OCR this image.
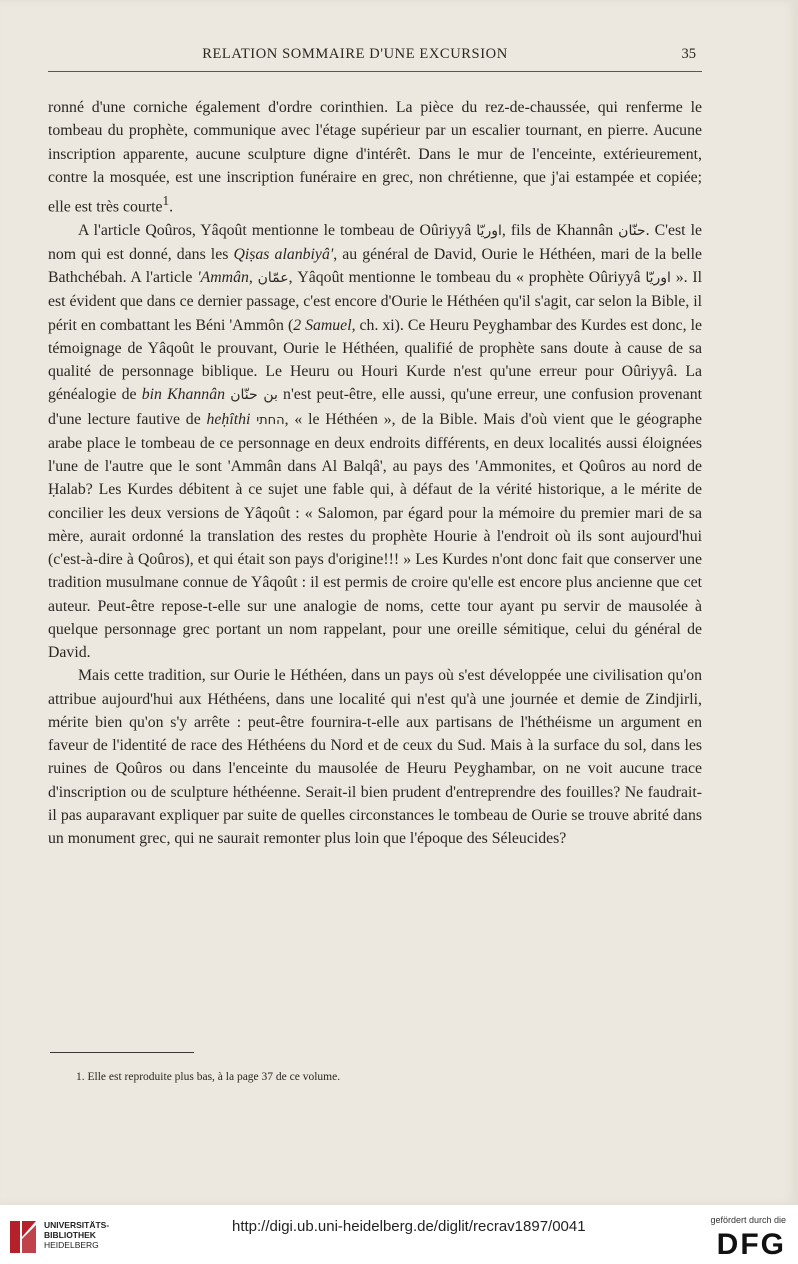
RELATION SOMMAIRE D'UNE EXCURSION	35

ronné d'une corniche également d'ordre corinthien. La pièce du rez-de-chaussée, qui renferme le tombeau du prophète, communique avec l'étage supérieur par un escalier tournant, en pierre. Aucune inscription apparente, aucune sculpture digne d'intérêt. Dans le mur de l'enceinte, extérieurement, contre la mosquée, est une inscription funéraire en grec, non chrétienne, que j'ai estampée et copiée; elle est très courte$^1$.

A l'article Qoûros, Yâqoût mentionne le tombeau de Oûriyyâ اوريّا, fils de Khannân حنّان. C'est le nom qui est donné, dans les Qiṣas alanbiyâ', au général de David, Ourie le Héthéen, mari de la belle Bathchébah. A l'article 'Ammân, عمّان, Yâqoût mentionne le tombeau du « prophète Oûriyyâ اوريّا ». Il est évident que dans ce dernier passage, c'est encore d'Ourie le Héthéen qu'il s'agit, car selon la Bible, il périt en combattant les Béni 'Ammôn (2 Samuel, ch. xi). Ce Heuru Peyghambar des Kurdes est donc, le témoignage de Yâqoût le prouvant, Ourie le Héthéen, qualifié de prophète sans doute à cause de sa qualité de personnage biblique. Le Heuru ou Houri Kurde n'est qu'une erreur pour Oûriyyâ. La généalogie de bin Khannân بن حنّان n'est peut-être, elle aussi, qu'une erreur, une confusion provenant d'une lecture fautive de heḥîthi החתי, « le Héthéen », de la Bible. Mais d'où vient que le géographe arabe place le tombeau de ce personnage en deux endroits différents, en deux localités aussi éloignées l'une de l'autre que le sont 'Ammân dans Al Balqâ', au pays des 'Ammonites, et Qoûros au nord de Ḥalab? Les Kurdes débitent à ce sujet une fable qui, à défaut de la vérité historique, a le mérite de concilier les deux versions de Yâqoût : « Salomon, par égard pour la mémoire du premier mari de sa mère, aurait ordonné la translation des restes du prophète Hourie à l'endroit où ils sont aujourd'hui (c'est-à-dire à Qoûros), et qui était son pays d'origine!!! » Les Kurdes n'ont donc fait que conserver une tradition musulmane connue de Yâqoût : il est permis de croire qu'elle est encore plus ancienne que cet auteur. Peut-être repose-t-elle sur une analogie de noms, cette tour ayant pu servir de mausolée à quelque personnage grec portant un nom rappelant, pour une oreille sémitique, celui du général de David.

Mais cette tradition, sur Ourie le Héthéen, dans un pays où s'est développée une civilisation qu'on attribue aujourd'hui aux Héthéens, dans une localité qui n'est qu'à une journée et demie de Zindjirli, mérite bien qu'on s'y arrête : peut-être fournira-t-elle aux partisans de l'héthéisme un argument en faveur de l'identité de race des Héthéens du Nord et de ceux du Sud. Mais à la surface du sol, dans les ruines de Qoûros ou dans l'enceinte du mausolée de Heuru Peyghambar, on ne voit aucune trace d'inscription ou de sculpture héthéenne. Serait-il bien prudent d'entreprendre des fouilles? Ne faudrait-il pas auparavant expliquer par suite de quelles circonstances le tombeau de Ourie se trouve abrité dans un monument grec, qui ne saurait remonter plus loin que l'époque des Séleucides?

1. Elle est reproduite plus bas, à la page 37 de ce volume.
UNIVERSITÄTS-
BIBLIOTHEK
HEIDELBERG
http://digi.ub.uni-heidelberg.de/diglit/recrav1897/0041	gefördert durch die
DFG
